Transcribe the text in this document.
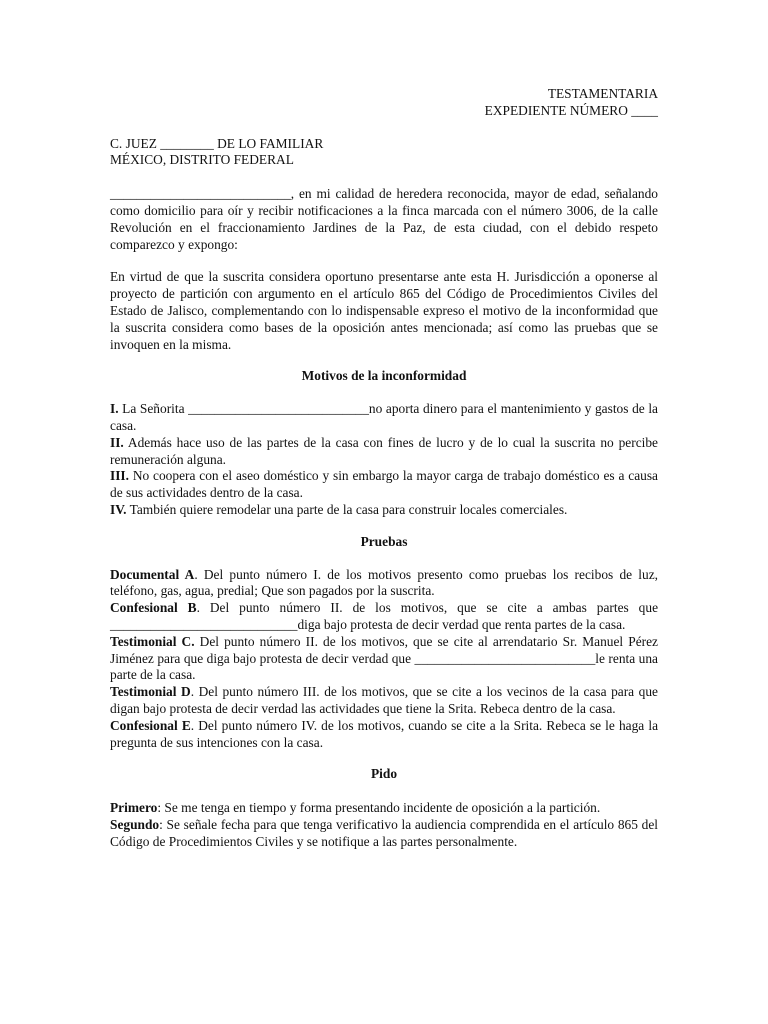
TESTAMENTARIA
EXPEDIENTE NÚMERO ____
C. JUEZ ________ DE LO FAMILIAR
MÉXICO, DISTRITO FEDERAL

___________________________, en mi calidad de heredera reconocida, mayor de edad, señalando como domicilio para oír y recibir notificaciones a la finca marcada con el número 3006, de la calle Revolución en el fraccionamiento Jardines de la Paz, de esta ciudad, con el debido respeto comparezco y expongo:

En virtud de que la suscrita considera oportuno presentarse ante esta H. Jurisdicción a oponerse al proyecto de partición con argumento en el artículo 865 del Código de Procedimientos Civiles del Estado de Jalisco, complementando con lo indispensable expreso el motivo de la inconformidad que la suscrita considera como bases de la oposición antes mencionada; así como las pruebas que se invoquen en la misma.

Motivos de la inconformidad
I. La Señorita ___________________________no aporta dinero para el mantenimiento y gastos de la casa.
II. Además hace uso de las partes de la casa con fines de lucro y de lo cual la suscrita no percibe remuneración alguna.
III. No coopera con el aseo doméstico y sin embargo la mayor carga de trabajo doméstico es a causa de sus actividades dentro de la casa.
IV. También quiere remodelar una parte de la casa para construir locales comerciales.
Pruebas
Documental A. Del punto número I. de los motivos presento como pruebas los recibos de luz, teléfono, gas, agua, predial; Que son pagados por la suscrita.
Confesional B. Del punto número II. de los motivos, que se cite a ambas partes que ____________________________diga bajo protesta de decir verdad que renta partes de la casa.
Testimonial C. Del punto número II. de los motivos, que se cite al arrendatario Sr. Manuel Pérez Jiménez para que diga bajo protesta de decir verdad que ___________________________le renta una parte de la casa.
Testimonial D. Del punto número III. de los motivos, que se cite a los vecinos de la casa para que digan bajo protesta de decir verdad las actividades que tiene la Srita. Rebeca dentro de la casa.
Confesional E. Del punto número IV. de los motivos, cuando se cite a la Srita. Rebeca se le haga la pregunta de sus intenciones con la casa.
Pido
Primero: Se me tenga en tiempo y forma presentando incidente de oposición a la partición.
Segundo: Se señale fecha para que tenga verificativo la audiencia comprendida en el artículo 865 del Código de Procedimientos Civiles y se notifique a las partes personalmente.
